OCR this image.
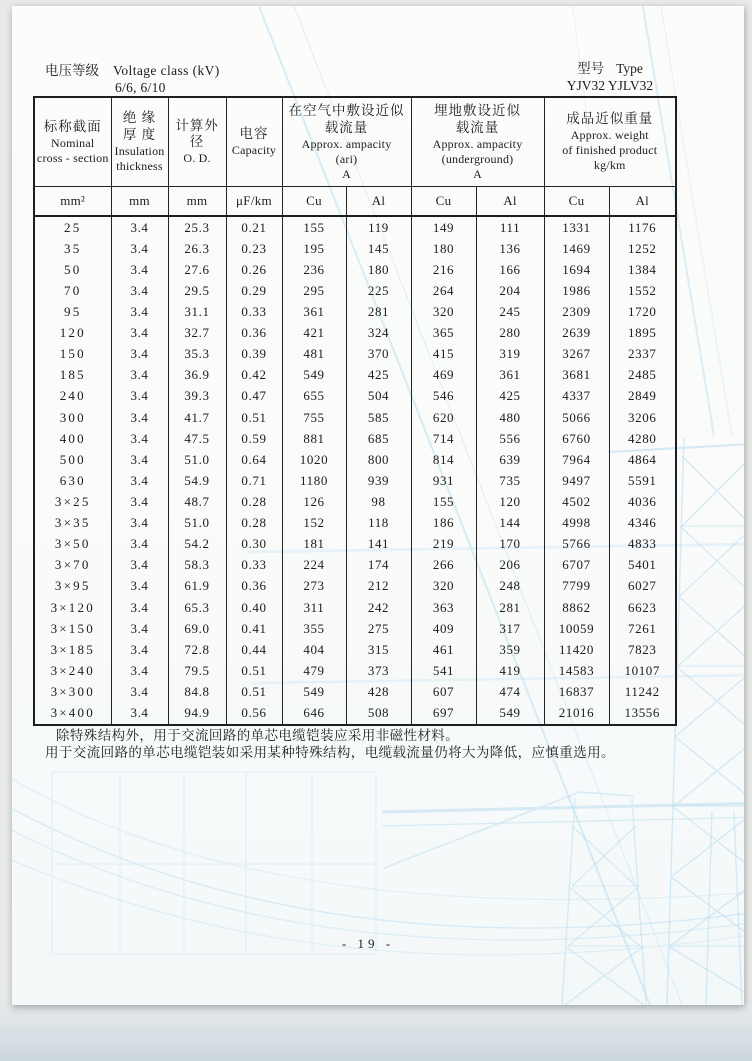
电压等级 Voltage class (kV)
6/6, 6/10
型号 Type
YJV32 YJLV32
标称截面
Nominal
cross - section	绝 缘
厚 度
Insulation
thickness	计算外径
O. D.	电容
Capacity	在空气中敷设近似
载流量
Approx. ampacity
(ari)
A		埋地敷设近似
载流量
Approx. ampacity
(underground)
A		成品近似重量
Approx. weight
of finished product
kg/km	

mm²	mm	mm	μF/km	Cu	Al	Cu	Al	Cu	Al
25	3.4	25.3	0.21	155	119	149	111	1331	1176
35	3.4	26.3	0.23	195	145	180	136	1469	1252
50	3.4	27.6	0.26	236	180	216	166	1694	1384
70	3.4	29.5	0.29	295	225	264	204	1986	1552
95	3.4	31.1	0.33	361	281	320	245	2309	1720
120	3.4	32.7	0.36	421	324	365	280	2639	1895
150	3.4	35.3	0.39	481	370	415	319	3267	2337
185	3.4	36.9	0.42	549	425	469	361	3681	2485
240	3.4	39.3	0.47	655	504	546	425	4337	2849
300	3.4	41.7	0.51	755	585	620	480	5066	3206
400	3.4	47.5	0.59	881	685	714	556	6760	4280
500	3.4	51.0	0.64	1020	800	814	639	7964	4864
630	3.4	54.9	0.71	1180	939	931	735	9497	5591
3×25	3.4	48.7	0.28	126	98	155	120	4502	4036
3×35	3.4	51.0	0.28	152	118	186	144	4998	4346
3×50	3.4	54.2	0.30	181	141	219	170	5766	4833
3×70	3.4	58.3	0.33	224	174	266	206	6707	5401
3×95	3.4	61.9	0.36	273	212	320	248	7799	6027
3×120	3.4	65.3	0.40	311	242	363	281	8862	6623
3×150	3.4	69.0	0.41	355	275	409	317	10059	7261
3×185	3.4	72.8	0.44	404	315	461	359	11420	7823
3×240	3.4	79.5	0.51	479	373	541	419	14583	10107
3×300	3.4	84.8	0.51	549	428	607	474	16837	11242
3×400	3.4	94.9	0.56	646	508	697	549	21016	13556
除特殊结构外，用于交流回路的单芯电缆铠装应采用非磁性材料。
用于交流回路的单芯电缆铠装如采用某种特殊结构，电缆载流量仍将大为降低，应慎重选用。
- 19 -
